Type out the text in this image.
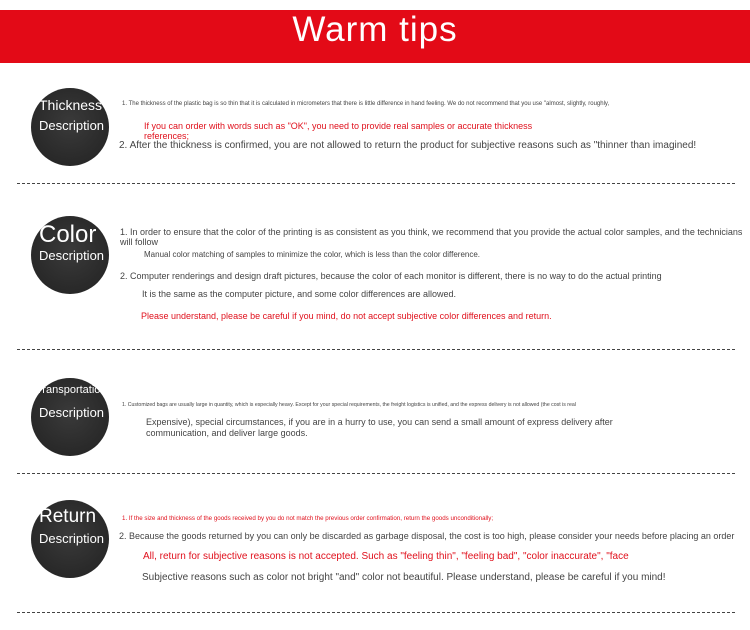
Warm tips
Thickness
Description
1. The thickness of the plastic bag is so thin that it is calculated in micrometers that there is little difference in hand feeling. We do not recommend that you use "almost, slightly, roughly,
If you can order with words such as "OK", you need to provide real samples or accurate thickness references;
2. After the thickness is confirmed, you are not allowed to return the product for subjective reasons such as "thinner than imagined!
Color
Description
1. In order to ensure that the color of the printing is as consistent as you think, we recommend that you provide the actual color samples, and the technicians will follow
Manual color matching of samples to minimize the color, which is less than the color difference.
2. Computer renderings and design draft pictures, because the color of each monitor is different, there is no way to do the actual printing
It is the same as the computer picture, and some color differences are allowed.
Please understand, please be careful if you mind, do not accept subjective color differences and return.
Transportation
Description	1. Customized bags are usually large in quantity, which is especially heavy. Except for your special requirements, the freight logistics is unified, and the express delivery is not allowed (the cost is real
Expensive), special circumstances, if you are in a hurry to use, you can send a small amount of express delivery after communication, and deliver large goods.
Return
Description
1. If the size and thickness of the goods received by you do not match the previous order confirmation, return the goods unconditionally;
2. Because the goods returned by you can only be discarded as garbage disposal, the cost is too high, please consider your needs before placing an order
All, return for subjective reasons is not accepted. Such as "feeling thin", "feeling bad", "color inaccurate", "face
Subjective reasons such as color not bright "and" color not beautiful. Please understand, please be careful if you mind!
